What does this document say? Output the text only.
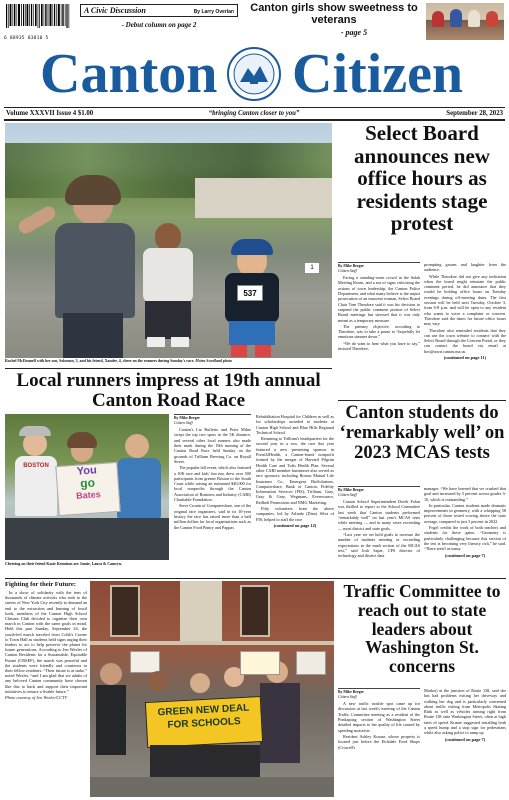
6 88935 03010 5
A Civic Discussion	By Larry Overlan
- Debut column on page 2
Canton girls show sweetness to veterans
- page 5
Canton Citizen
Volume XXXVII Issue 4 $1.00	“bringing Canton closer to you”	September 28, 2023
537
1
Rachel McDonnell with her son, Solomon, 5, and his friend, Xander, 4, cheer on the runners during Sunday's race. Moira Swedland photo
Select Board announces new office hours as residents stage protest
By Mike Berger
Citizen Staff

Facing a standing-room crowd in the Salah Meeting Room, and a sea of signs criticizing the actions of town leadership, the Canton Police Department, and what many believe is the unjust prosecution of an innocent woman, Select Board Chair Tom Theodore said it was his decision to suspend the public comment portion of Select Board meetings but stressed that it was only meant as a temporary measure.

The primary objective, according to Theodore, was to take a pause to “hopefully let emotions simmer down.”

“We do want to hear what you have to say,” insisted Theodore,

prompting groans and laughter from the audience.

While Theodore did not give any indication when the board might reinstate the public comment period, he did announce that they would be holding office hours on Tuesday evenings during off-meeting dates. The first session will be held next Tuesday, October 3, from 6-8 p.m. and will be open to any resident who wants to voice a complaint or concern. Theodore said the times for future office hours may vary.

Theodore also reminded residents that they can use the town website to connect with the Select Board through the Concern Portal, or they can contact the board via email at bos@town.canton.ma.us.

(continued on page 11)
Local runners impress at 19th annual Canton Road Race
BOSTON	You
go
Bates
Cheering on their friend Kasie Kennison are Jamie, Laura & Camryn.
By Mike Berger
Citizen Staff

Canton's Liz Ruffeito and Peter Milne swept the top two spots in the 5K distance, and several other local runners also made their mark during the 19th running of the Canton Road Race held Sunday on the grounds of Trillium Brewing Co. on Royall Street.

The popular fall event, which also featured a 10K race and kids' fun run, drew over 500 participants from greater Boston to the South Coast while raising an estimated $40,000 for local nonprofits through the Canton Association of Business and Industry (CABI) Charitable Foundation.

Steve Cronin of Computershare, one of the original race organizers, said in its 10-year history the race has raised more than a half million dollars for local organizations such as the Canton Food Pantry and Pappas

Rehabilitation Hospital for Children as well as for scholarships awarded to students at Canton High School and Blue Hills Regional Technical School.

Returning to Trillium's headquarters for the second year in a row, the race this year featured a new presenting sponsor in Point32Health, a Canton-based nonprofit formed by the merger of Harvard Pilgrim Health Care and Tufts Health Plan. Several other CABI member businesses also served as race sponsors, including Boston Mutual Life Insurance Co., Emergent BioSolutions, Computershare, Bank of Canton, Fidelity Information Services (FIS), Trillium, Gray, Gray & Gray, Wegmans, Everesource, Redbolt Promotions and NMG Marketing.

Fifty volunteers from the above companies, led by Arlindo (Dino) Silva of FIS, helped to staff the race

(continued on page 12)
Canton students do ‘remarkably well’ on 2023 MCAS tests
By Mike Berger
Citizen Staff

Canton School Superintendent Derek Folan was thrilled to report to the School Committee last week that Canton students performed “remarkably well” on last year's MCAS tests while meeting — and in many cases exceeding — most district and state goals.

“Last year we set bold goals to increase the number of students meeting or exceeding expectations in the math section of the MCAS test,” said Josh Sapet, CPS director of technology and district data

manager. “We have learned that we crushed that goal and increased by 5 percent across grades 3-10, which is outstanding.”

In particular, Canton students made dramatic improvements in geometry, with a whopping 58 percent of those tested scoring above the state average, compared to just 3 percent in 2022.

Fogel credits the work of both teachers and students for these gains. “Geometry is particularly challenging because this section of the test is becoming very literacy rich,” he said. “There aren't as many

(continued on page 7)
Fighting for their Future:

In a show of solidarity with the tens of thousands of climate activists who took to the streets of New York City recently to demand an end to the extraction and burning of fossil fuels, members of the Canton High School Climate Club decided to organize their own march in Canton with the same goals in mind. Held this past Sunday, September 24, the youth-led march traveled from Cobb's Corner to Town Hall as students held signs urging their leaders to act to help preserve the planet for future generations. According to Jen Wexler of Canton Residents for a Sustainable, Equitable Future (CRSEF), the march was peaceful and the students were friendly and courteous to their fellow residents. “Their future is at stake,” noted Wexler, “and I am glad that we adults of any beloved Canton community have chosen like this to back and support their important initiatives to ensure a livable future.”

Photo courtesy of Jen Wexler/CCTV
GREEN NEW DEAL
FOR SCHOOLS
Traffic Committee to reach out to state leaders about Washington St. concerns
By Mike Berger
Citizen Staff

A new traffic trouble spot came up for discussion at last week's meeting of the Canton Traffic Committee meeting as a resident of the Ponkapoag section of Washington Street detailed impacts to her quality of life caused by speeding motorists.

Resident Ashley Krause, whose property is located just before the Eichdale Food Shops (Crowell's

Market) at the junction of Route 138, said she has had problems exiting her driveway and walking her dog and is particularly concerned about traffic exiting from Metropolis Skating Rink as well as vehicles turning right from Route 138 onto Washington Street, often at high rates of speed. Krause suggested installing both a speed hump and a stop sign for pedestrians while also asking police to ramp up

(continued on page 7)
